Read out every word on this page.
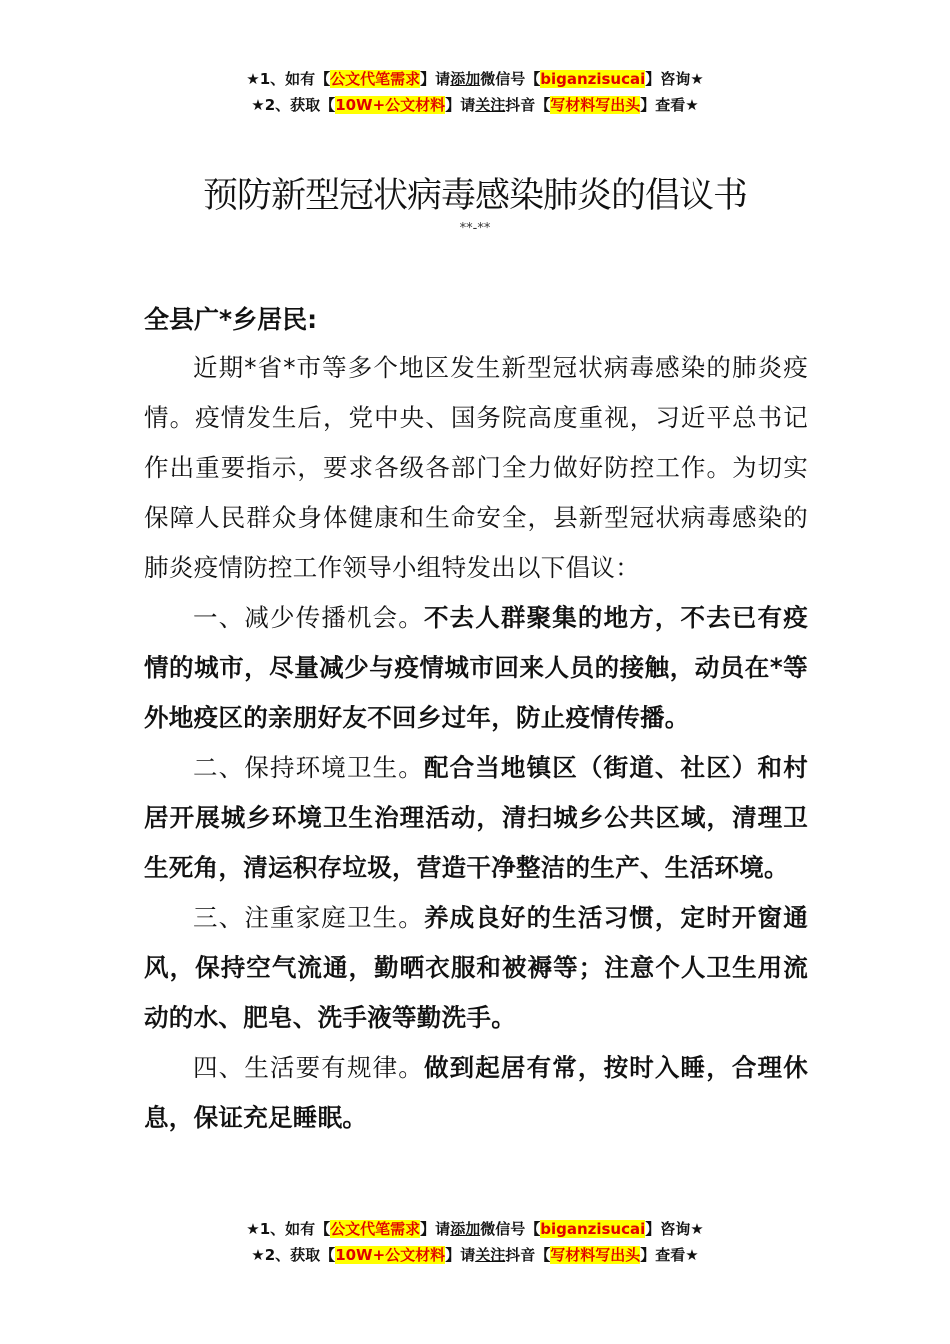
★1、如有【公文代笔需求】请添加微信号【biganzisucai】咨询★
★2、获取【10W+公文材料】请关注抖音【写材料写出头】查看★
预防新型冠状病毒感染肺炎的倡议书
**-**
全县广*乡居民:

近期*省*市等多个地区发生新型冠状病毒感染的肺炎疫情。疫情发生后，党中央、国务院高度重视，习近平总书记作出重要指示，要求各级各部门全力做好防控工作。为切实保障人民群众身体健康和生命安全，县新型冠状病毒感染的肺炎疫情防控工作领导小组特发出以下倡议：

一、减少传播机会。不去人群聚集的地方，不去已有疫情的城市，尽量减少与疫情城市回来人员的接触，动员在*等外地疫区的亲朋好友不回乡过年，防止疫情传播。

二、保持环境卫生。配合当地镇区（街道、社区）和村居开展城乡环境卫生治理活动，清扫城乡公共区域，清理卫生死角，清运积存垃圾，营造干净整洁的生产、生活环境。

三、注重家庭卫生。养成良好的生活习惯，定时开窗通风，保持空气流通，勤晒衣服和被褥等；注意个人卫生用流动的水、肥皂、洗手液等勤洗手。

四、生活要有规律。做到起居有常，按时入睡，合理休息，保证充足睡眠。

★1、如有【公文代笔需求】请添加微信号【biganzisucai】咨询★
★2、获取【10W+公文材料】请关注抖音【写材料写出头】查看★
